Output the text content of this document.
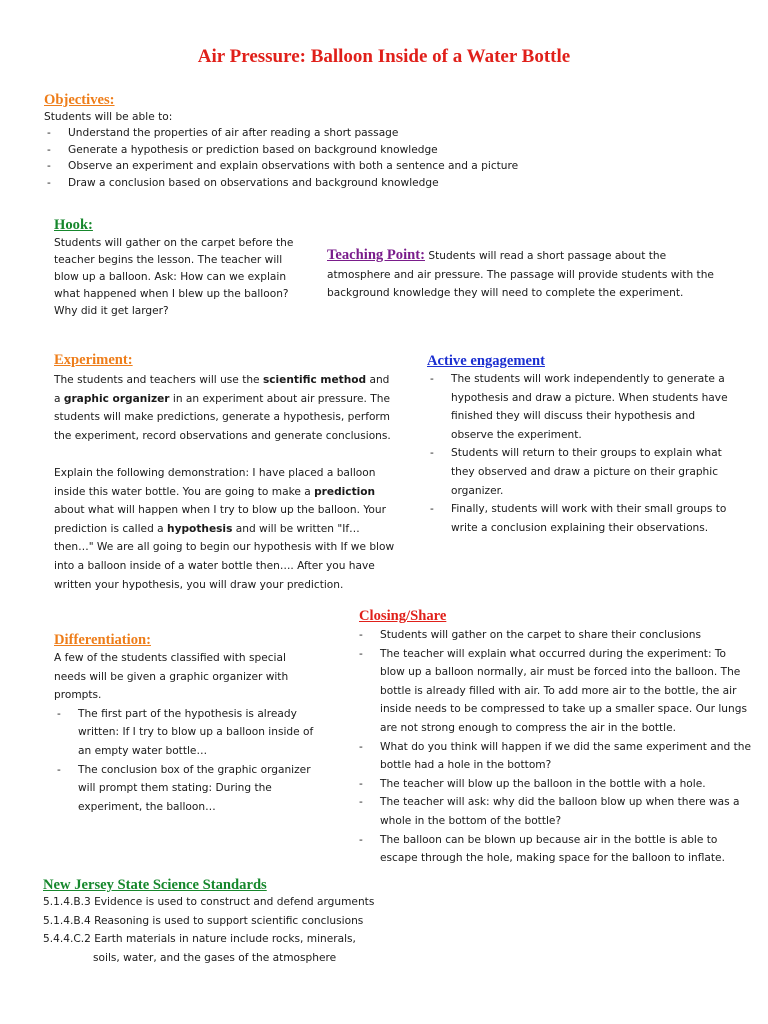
Air Pressure: Balloon Inside of a Water Bottle
Objectives:

Students will be able to:

- Understand the properties of air after reading a short passage
- Generate a hypothesis or prediction based on background knowledge
- Observe an experiment and explain observations with both a sentence and a picture
- Draw a conclusion based on observations and background knowledge
Hook:
Students will gather on the carpet before the teacher begins the lesson. The teacher will blow up a balloon. Ask: How can we explain what happened when I blew up the balloon? Why did it get larger?
Teaching Point: Students will read a short passage about the atmosphere and air pressure. The passage will provide students with the background knowledge they will need to complete the experiment.
Experiment:

The students and teachers will use the scientific method and a graphic organizer in an experiment about air pressure. The students will make predictions, generate a hypothesis, perform the experiment, record observations and generate conclusions.

Explain the following demonstration: I have placed a balloon inside this water bottle. You are going to make a prediction about what will happen when I try to blow up the balloon. Your prediction is called a hypothesis and will be written "If…then…" We are all going to begin our hypothesis with If we blow into a balloon inside of a water bottle then…. After you have written your hypothesis, you will draw your prediction.

Active engagement
- The students will work independently to generate a hypothesis and draw a picture. When students have finished they will discuss their hypothesis and observe the experiment.
- Students will return to their groups to explain what they observed and draw a picture on their graphic organizer.
- Finally, students will work with their small groups to write a conclusion explaining their observations.
Closing/Share
- Students will gather on the carpet to share their conclusions
- The teacher will explain what occurred during the experiment: To blow up a balloon normally, air must be forced into the balloon. The bottle is already filled with air. To add more air to the bottle, the air inside needs to be compressed to take up a smaller space. Our lungs are not strong enough to compress the air in the bottle.
- What do you think will happen if we did the same experiment and the bottle had a hole in the bottom?
- The teacher will blow up the balloon in the bottle with a hole.
- The teacher will ask: why did the balloon blow up when there was a whole in the bottom of the bottle?
- The balloon can be blown up because air in the bottle is able to escape through the hole, making space for the balloon to inflate.
Differentiation:

A few of the students classified with special needs will be given a graphic organizer with prompts.

- The first part of the hypothesis is already written: If I try to blow up a balloon inside of an empty water bottle…
- The conclusion box of the graphic organizer will prompt them stating: During the experiment, the balloon…
New Jersey State Science Standards

5.1.4.B.3 Evidence is used to construct and defend arguments

5.1.4.B.4 Reasoning is used to support scientific conclusions

5.4.4.C.2 Earth materials in nature include rocks, minerals,

soils, water, and the gases of the atmosphere
